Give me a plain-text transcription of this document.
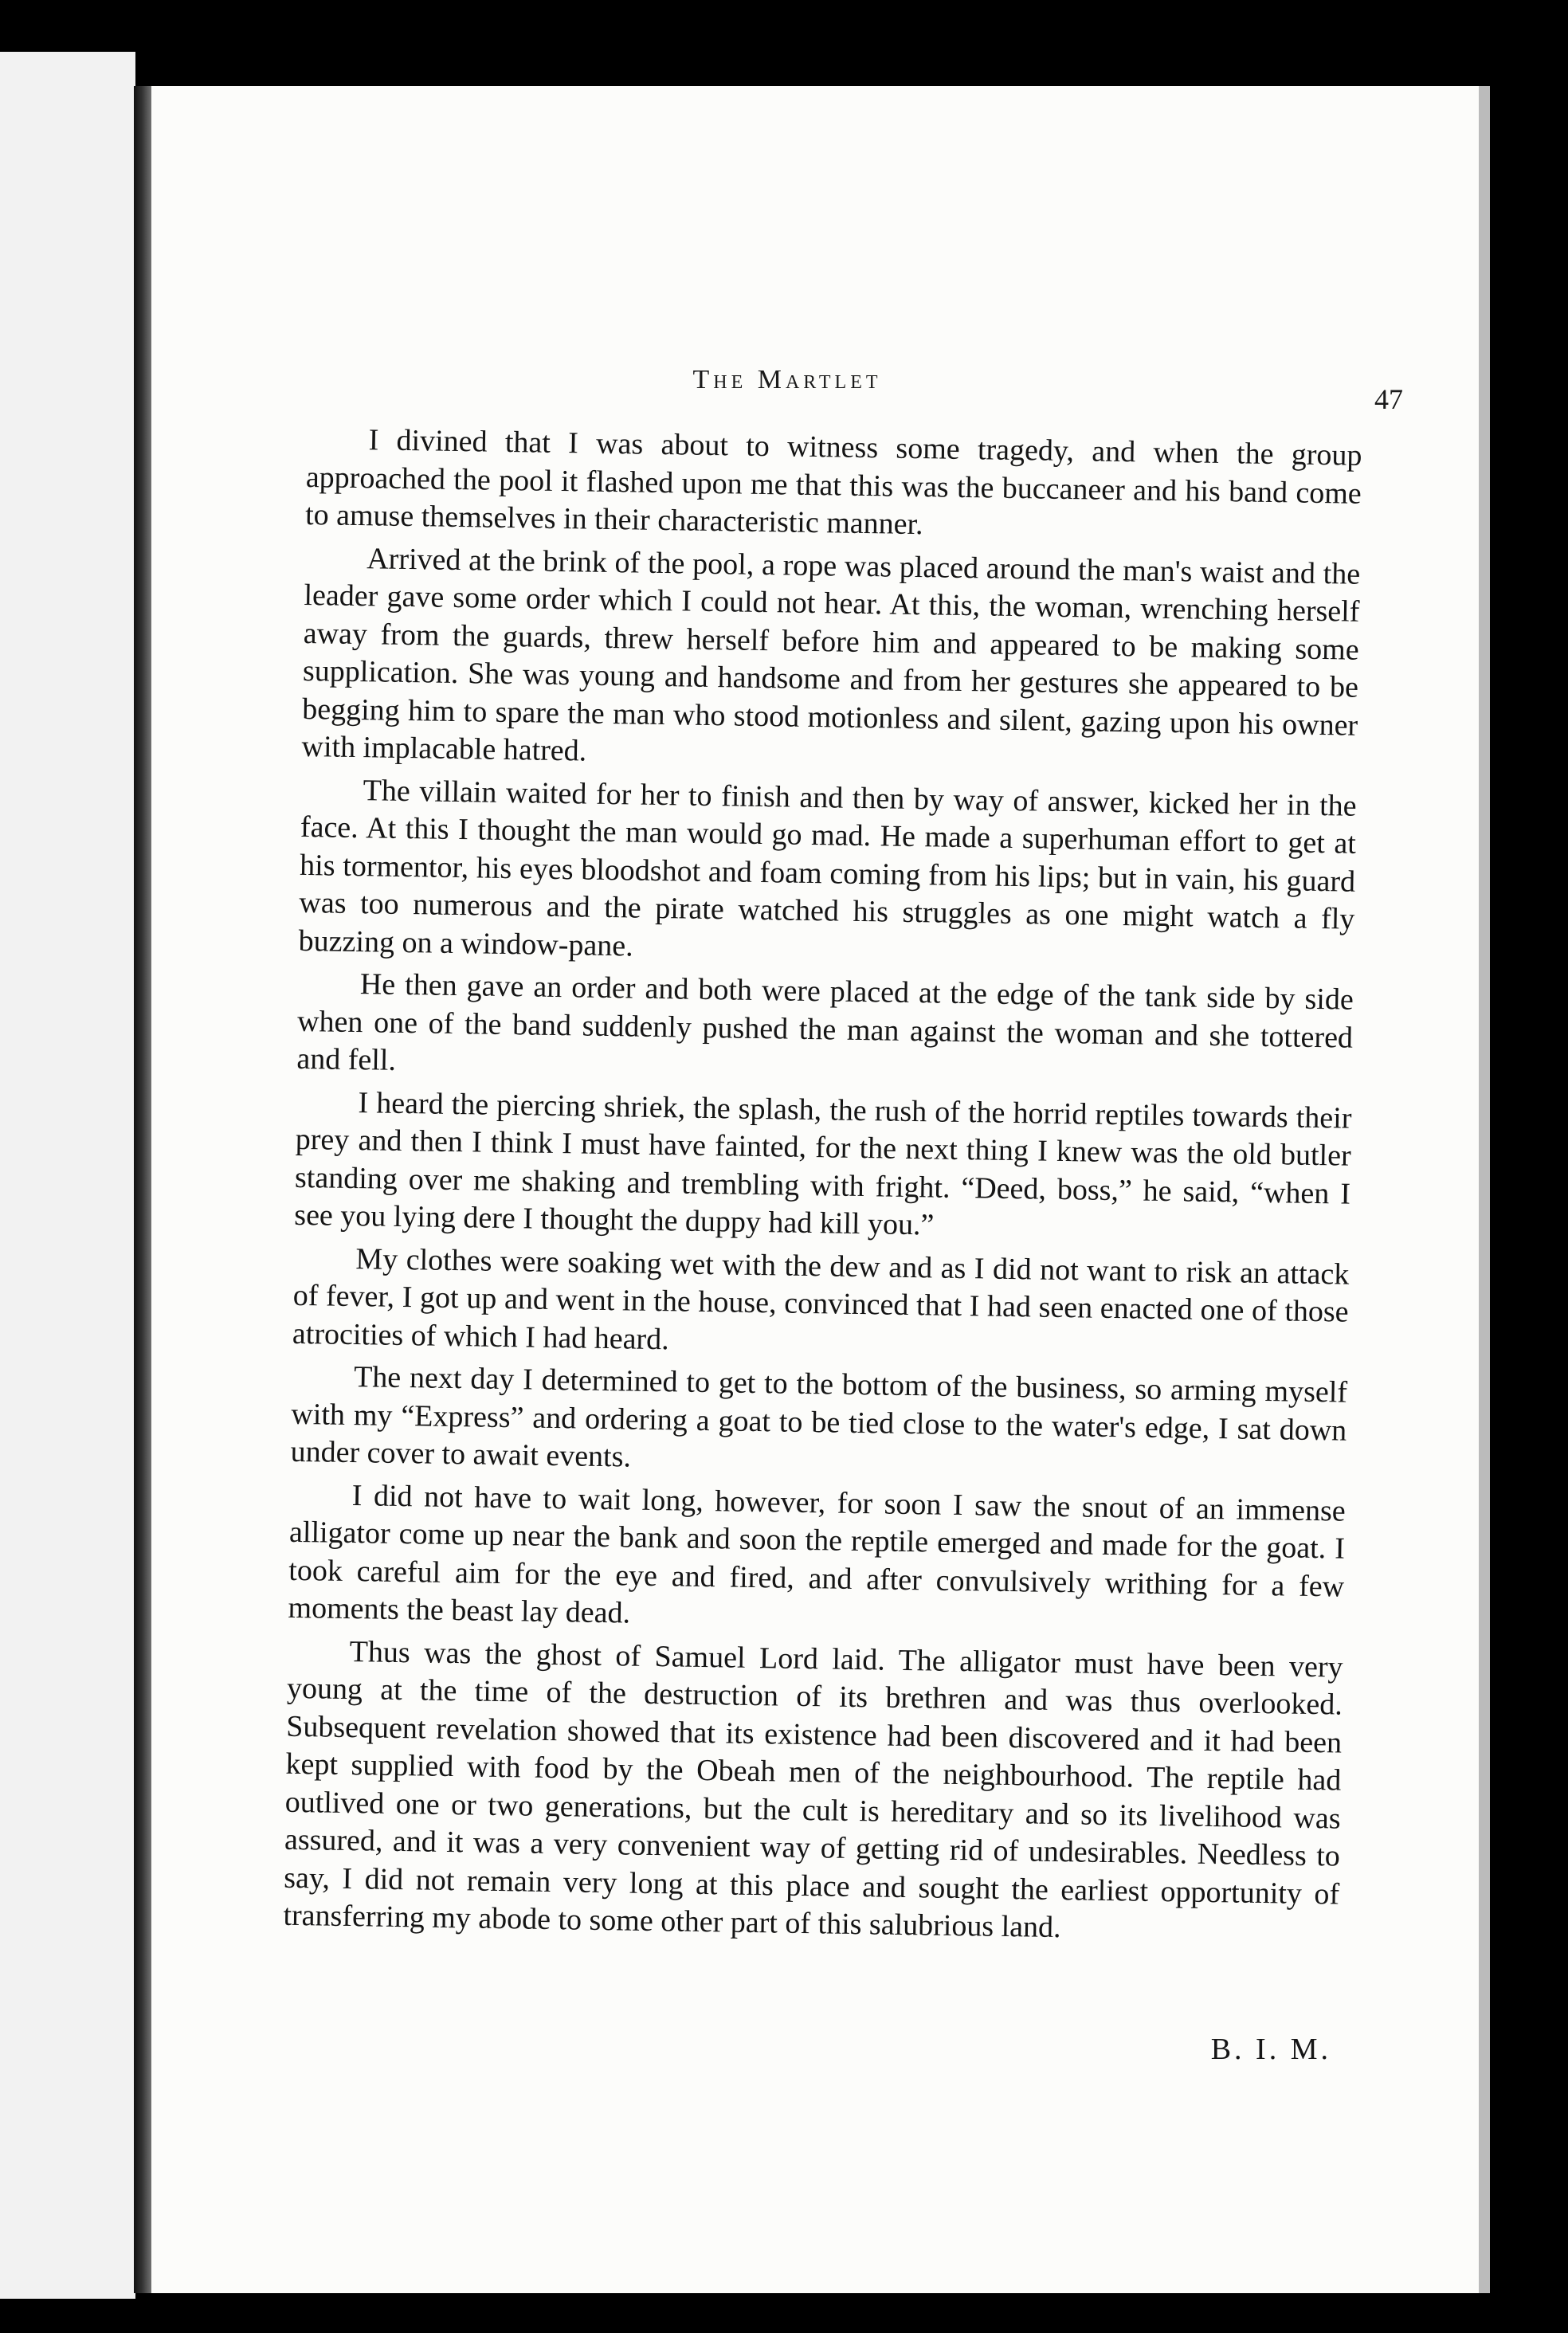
The Martlet
47

I divined that I was about to witness some tragedy, and when the group approached the pool it flashed upon me that this was the buccaneer and his band come to amuse themselves in their characteristic manner.

Arrived at the brink of the pool, a rope was placed around the man's waist and the leader gave some order which I could not hear. At this, the woman, wrenching herself away from the guards, threw herself before him and appeared to be making some supplication. She was young and handsome and from her gestures she appeared to be begging him to spare the man who stood motionless and silent, gazing upon his owner with implacable hatred.

The villain waited for her to finish and then by way of answer, kicked her in the face. At this I thought the man would go mad. He made a superhuman effort to get at his tormentor, his eyes bloodshot and foam coming from his lips; but in vain, his guard was too numerous and the pirate watched his struggles as one might watch a fly buzzing on a window-pane.

He then gave an order and both were placed at the edge of the tank side by side when one of the band suddenly pushed the man against the woman and she tottered and fell.

I heard the piercing shriek, the splash, the rush of the horrid reptiles towards their prey and then I think I must have fainted, for the next thing I knew was the old butler standing over me shaking and trembling with fright. “Deed, boss,” he said, “when I see you lying dere I thought the duppy had kill you.”

My clothes were soaking wet with the dew and as I did not want to risk an attack of fever, I got up and went in the house, convinced that I had seen enacted one of those atrocities of which I had heard.

The next day I determined to get to the bottom of the business, so arming myself with my “Express” and ordering a goat to be tied close to the water's edge, I sat down under cover to await events.

I did not have to wait long, however, for soon I saw the snout of an immense alligator come up near the bank and soon the reptile emerged and made for the goat. I took careful aim for the eye and fired, and after convulsively writhing for a few moments the beast lay dead.

Thus was the ghost of Samuel Lord laid. The alligator must have been very young at the time of the destruction of its brethren and was thus overlooked. Subsequent revelation showed that its existence had been discovered and it had been kept supplied with food by the Obeah men of the neighbourhood. The reptile had outlived one or two generations, but the cult is hereditary and so its livelihood was assured, and it was a very convenient way of getting rid of undesirables. Needless to say, I did not remain very long at this place and sought the earliest opportunity of transferring my abode to some other part of this salubrious land.

B. I. M.
